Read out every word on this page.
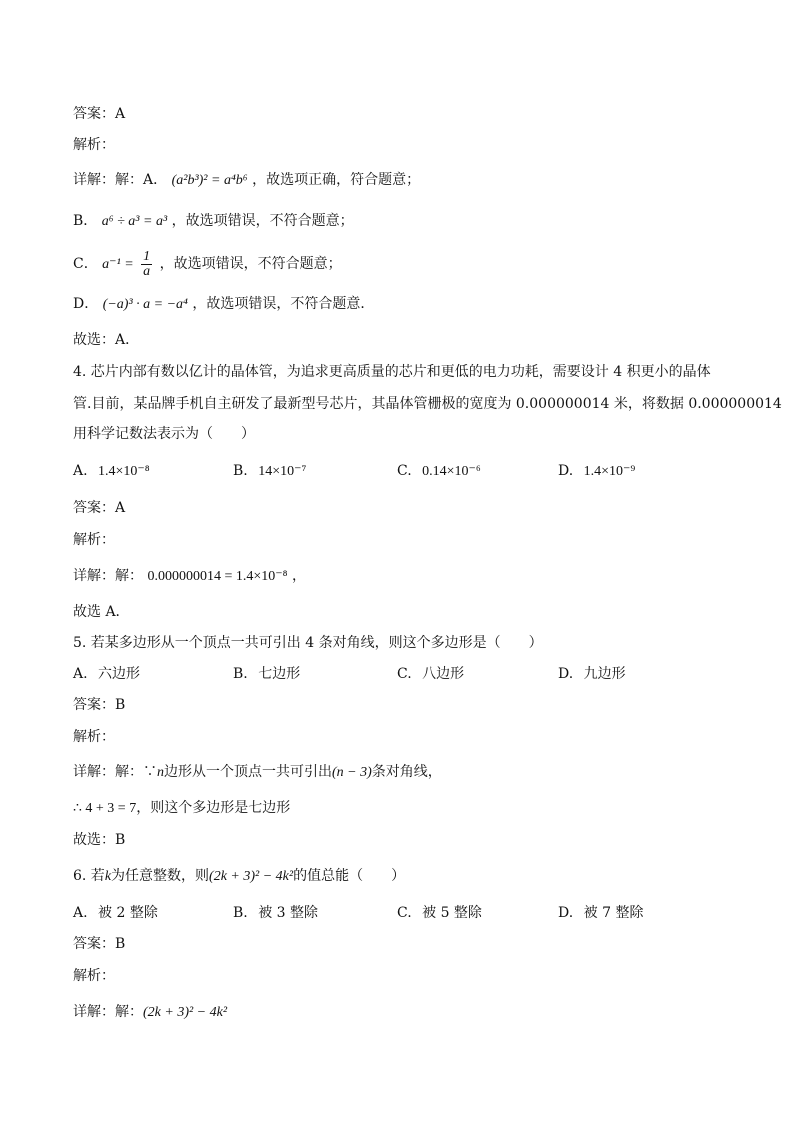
答案：A
解析：
详解：解：A． (a²b³)² = a⁴b⁶ ，故选项正确，符合题意；
B． a⁶ ÷ a³ = a³ ，故选项错误，不符合题意；
C． $a^{-1} = \frac{1}{a}$ ，故选项错误，不符合题意；
D． (−a)³ · a = −a⁴ ，故选项错误，不符合题意．
故选：A．
4. 芯片内部有数以亿计的晶体管，为追求更高质量的芯片和更低的电力功耗，需要设计 4 积更小的晶体
管.目前，某品牌手机自主研发了最新型号芯片，其晶体管栅极的宽度为 0.000000014 米，将数据 0.000000014
用科学记数法表示为（　　）
A. 1.4×10⁻⁸	B. 14×10⁻⁷	C. 0.14×10⁻⁶	D. 1.4×10⁻⁹
答案：A
解析：
详解：解： 0.000000014 = 1.4×10⁻⁸ ，
故选 A．
5. 若某多边形从一个顶点一共可引出 4 条对角线，则这个多边形是（　　）
A. 六边形	B. 七边形	C. 八边形	D. 九边形
答案：B
解析：
详解：解：∵n边形从一个顶点一共可引出(n − 3)条对角线，
∴ 4 + 3 = 7，则这个多边形是七边形
故选：B
6. 若k为任意整数，则(2k + 3)² − 4k²的值总能（　　）
A. 被 2 整除	B. 被 3 整除	C. 被 5 整除	D. 被 7 整除
答案：B
解析：
详解：解：(2k + 3)² − 4k²
